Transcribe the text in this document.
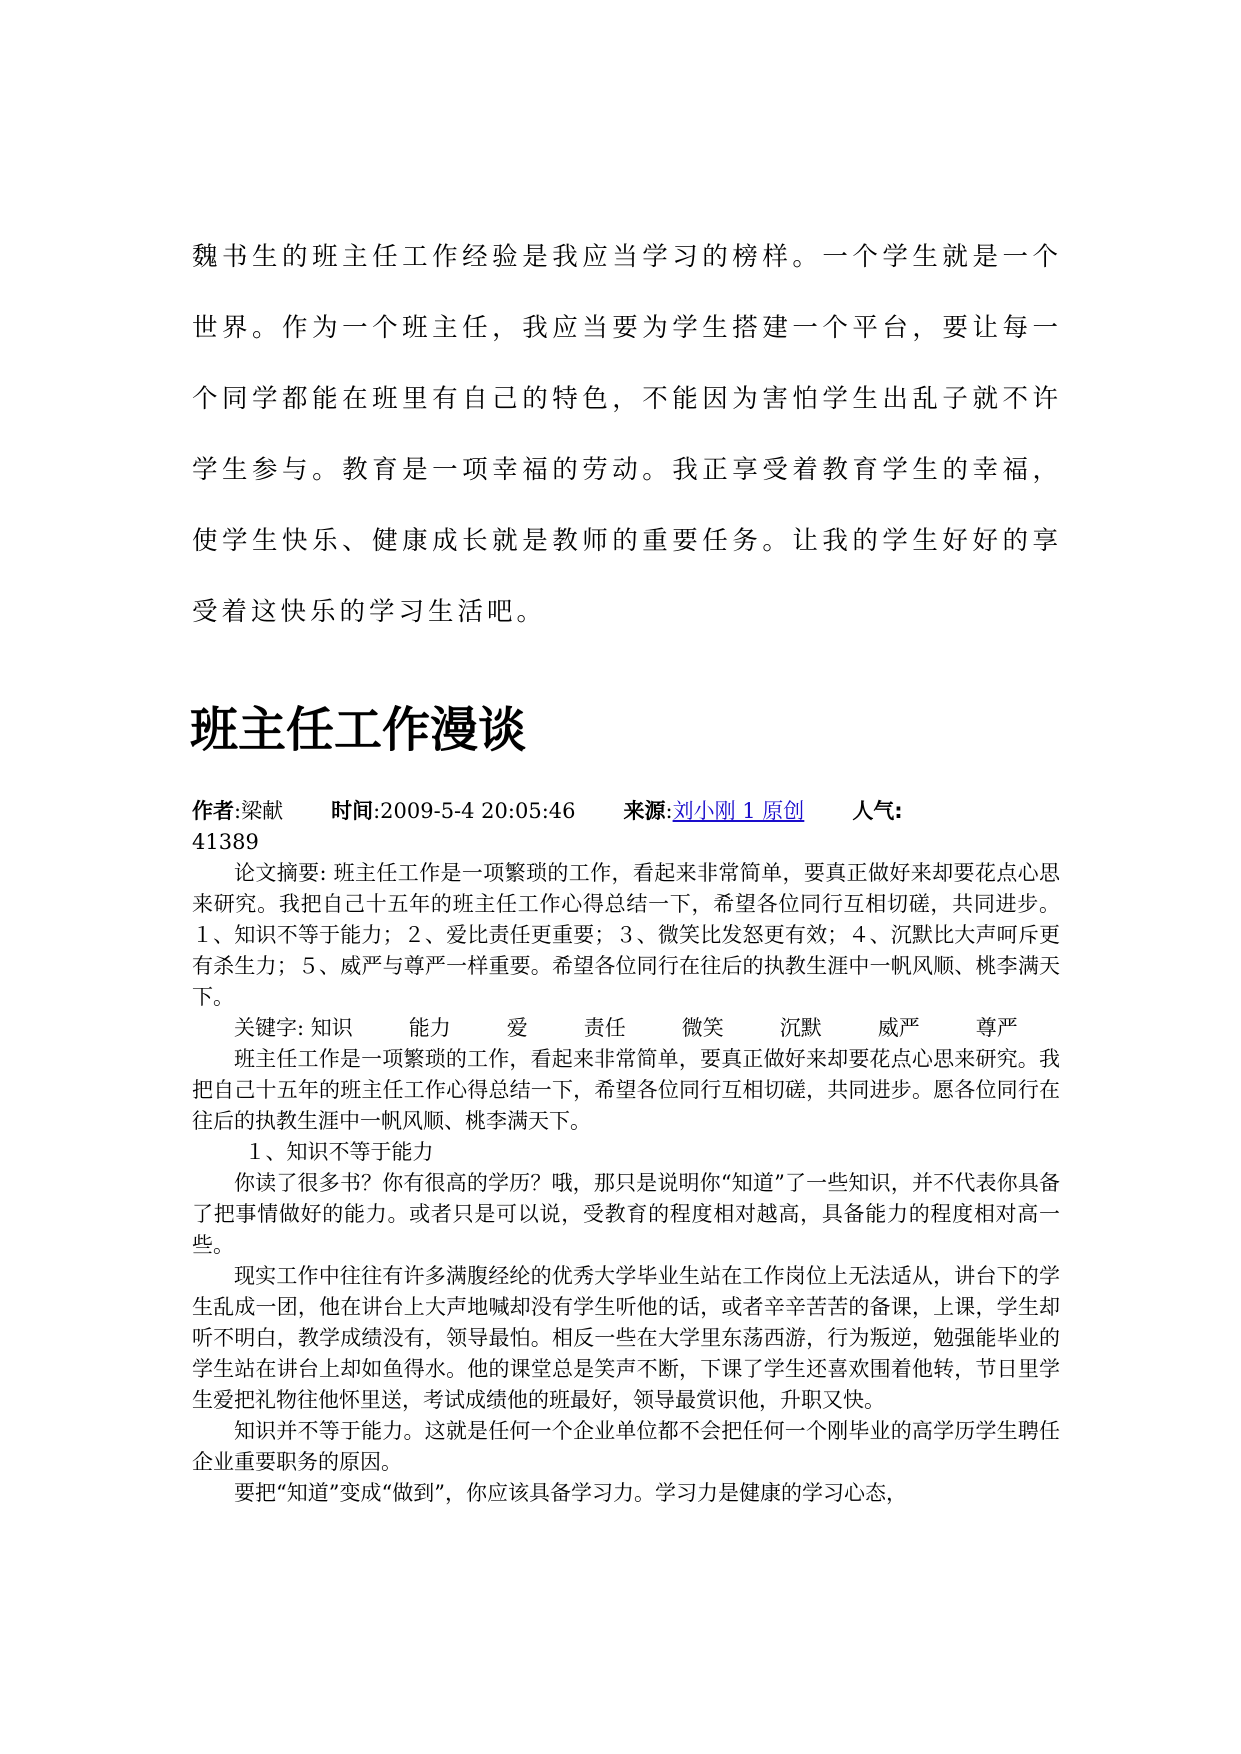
魏书生的班主任工作经验是我应当学习的榜样。一个学生就是一个世界。作为一个班主任，我应当要为学生搭建一个平台，要让每一个同学都能在班里有自己的特色，不能因为害怕学生出乱子就不许学生参与。教育是一项幸福的劳动。我正享受着教育学生的幸福，使学生快乐、健康成长就是教师的重要任务。让我的学生好好的享受着这快乐的学习生活吧。

班主任工作漫谈

作者:梁献 时间:2009-5-4 20:05:46 来源:刘小刚 1 原创 人气:
41389

论文摘要: 班主任工作是一项繁琐的工作，看起来非常简单，要真正做好来却要花点心思来研究。我把自己十五年的班主任工作心得总结一下，希望各位同行互相切磋，共同进步。１、知识不等于能力；２、爱比责任更重要；３、微笑比发怒更有效；４、沉默比大声呵斥更有杀生力；５、威严与尊严一样重要。希望各位同行在往后的执教生涯中一帆风顺、桃李满天下。

关键字: 知识	能力	爱	责任	微笑	沉默	威严	尊严

班主任工作是一项繁琐的工作，看起来非常简单，要真正做好来却要花点心思来研究。我把自己十五年的班主任工作心得总结一下，希望各位同行互相切磋，共同进步。愿各位同行在往后的执教生涯中一帆风顺、桃李满天下。

１、知识不等于能力

你读了很多书？你有很高的学历？哦，那只是说明你“知道”了一些知识，并不代表你具备了把事情做好的能力。或者只是可以说，受教育的程度相对越高，具备能力的程度相对高一些。

现实工作中往往有许多满腹经纶的优秀大学毕业生站在工作岗位上无法适从，讲台下的学生乱成一团，他在讲台上大声地喊却没有学生听他的话，或者辛辛苦苦的备课，上课，学生却听不明白，教学成绩没有，领导最怕。相反一些在大学里东荡西游，行为叛逆，勉强能毕业的学生站在讲台上却如鱼得水。他的课堂总是笑声不断，下课了学生还喜欢围着他转，节日里学生爱把礼物往他怀里送，考试成绩他的班最好，领导最赏识他，升职又快。

知识并不等于能力。这就是任何一个企业单位都不会把任何一个刚毕业的高学历学生聘任企业重要职务的原因。

要把“知道”变成“做到”，你应该具备学习力。学习力是健康的学习心态，
